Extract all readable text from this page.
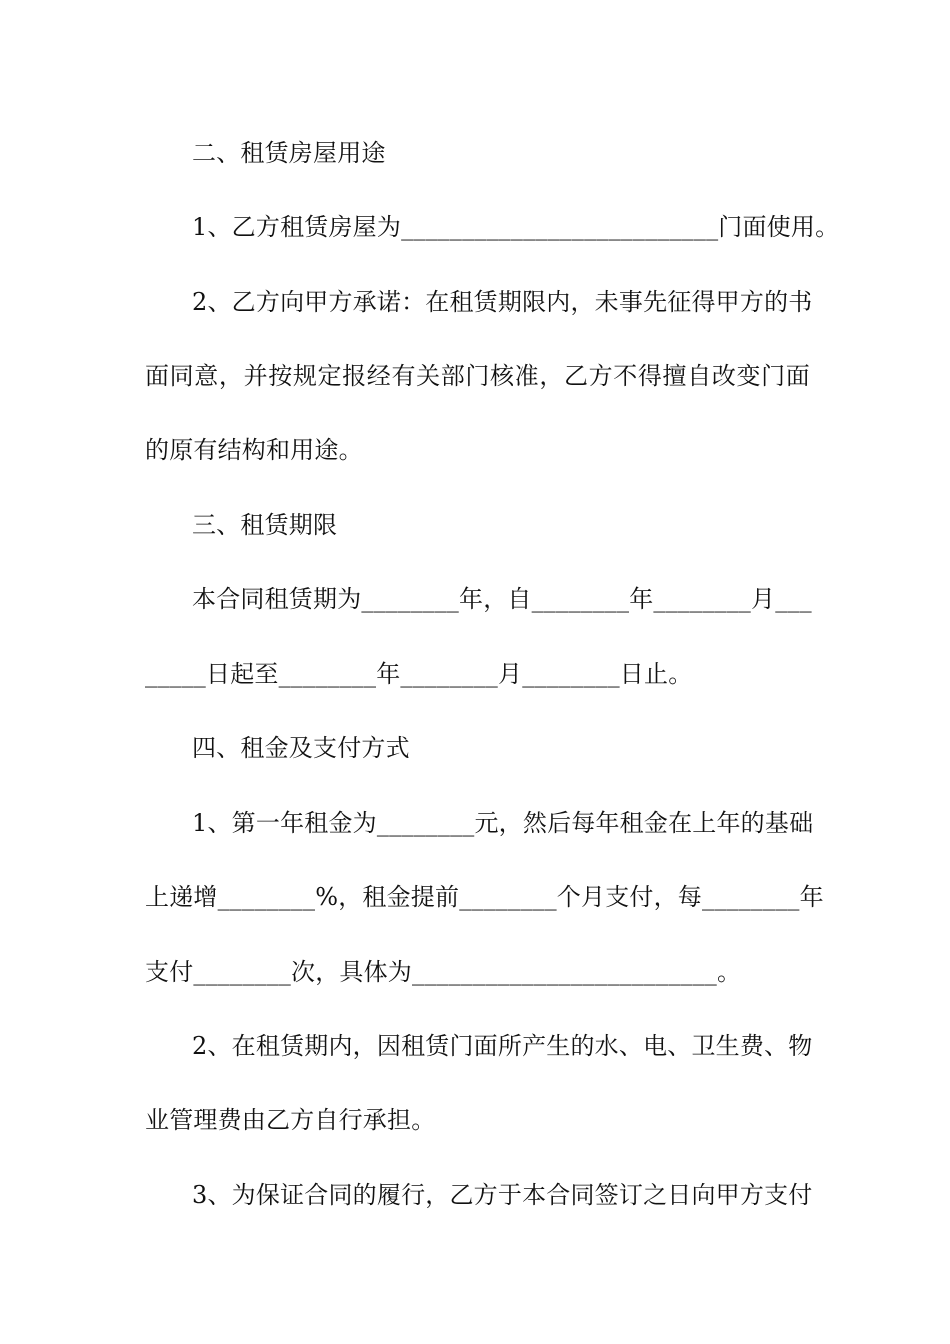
二、租赁房屋用途
1、乙方租赁房屋为__________________________门面使用。
2、乙方向甲方承诺：在租赁期限内，未事先征得甲方的书
面同意，并按规定报经有关部门核准，乙方不得擅自改变门面
的原有结构和用途。
三、租赁期限
本合同租赁期为________年，自________年________月___
_____日起至________年________月________日止。
四、租金及支付方式
1、第一年租金为________元，然后每年租金在上年的基础
上递增________%，租金提前________个月支付，每________年
支付________次，具体为_________________________。
2、在租赁期内，因租赁门面所产生的水、电、卫生费、物
业管理费由乙方自行承担。
3、为保证合同的履行，乙方于本合同签订之日向甲方支付
